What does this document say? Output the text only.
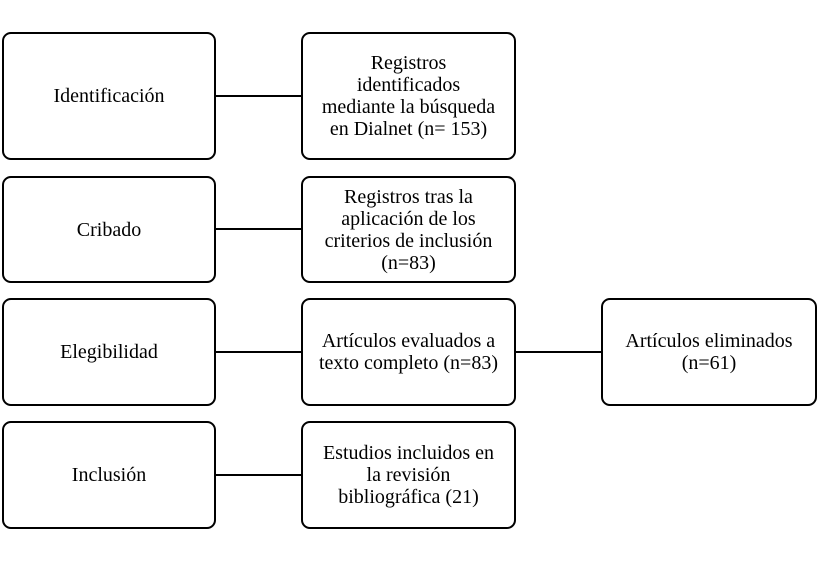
Identificación
Cribado
Elegibilidad
Inclusión
Registros
identificados
mediante la búsqueda
en Dialnet (n= 153)
Registros tras la
aplicación de los
criterios de inclusión
(n=83)
Artículos evaluados a
texto completo (n=83)
Estudios incluidos en
la revisión
bibliográfica (21)
Artículos eliminados
(n=61)
